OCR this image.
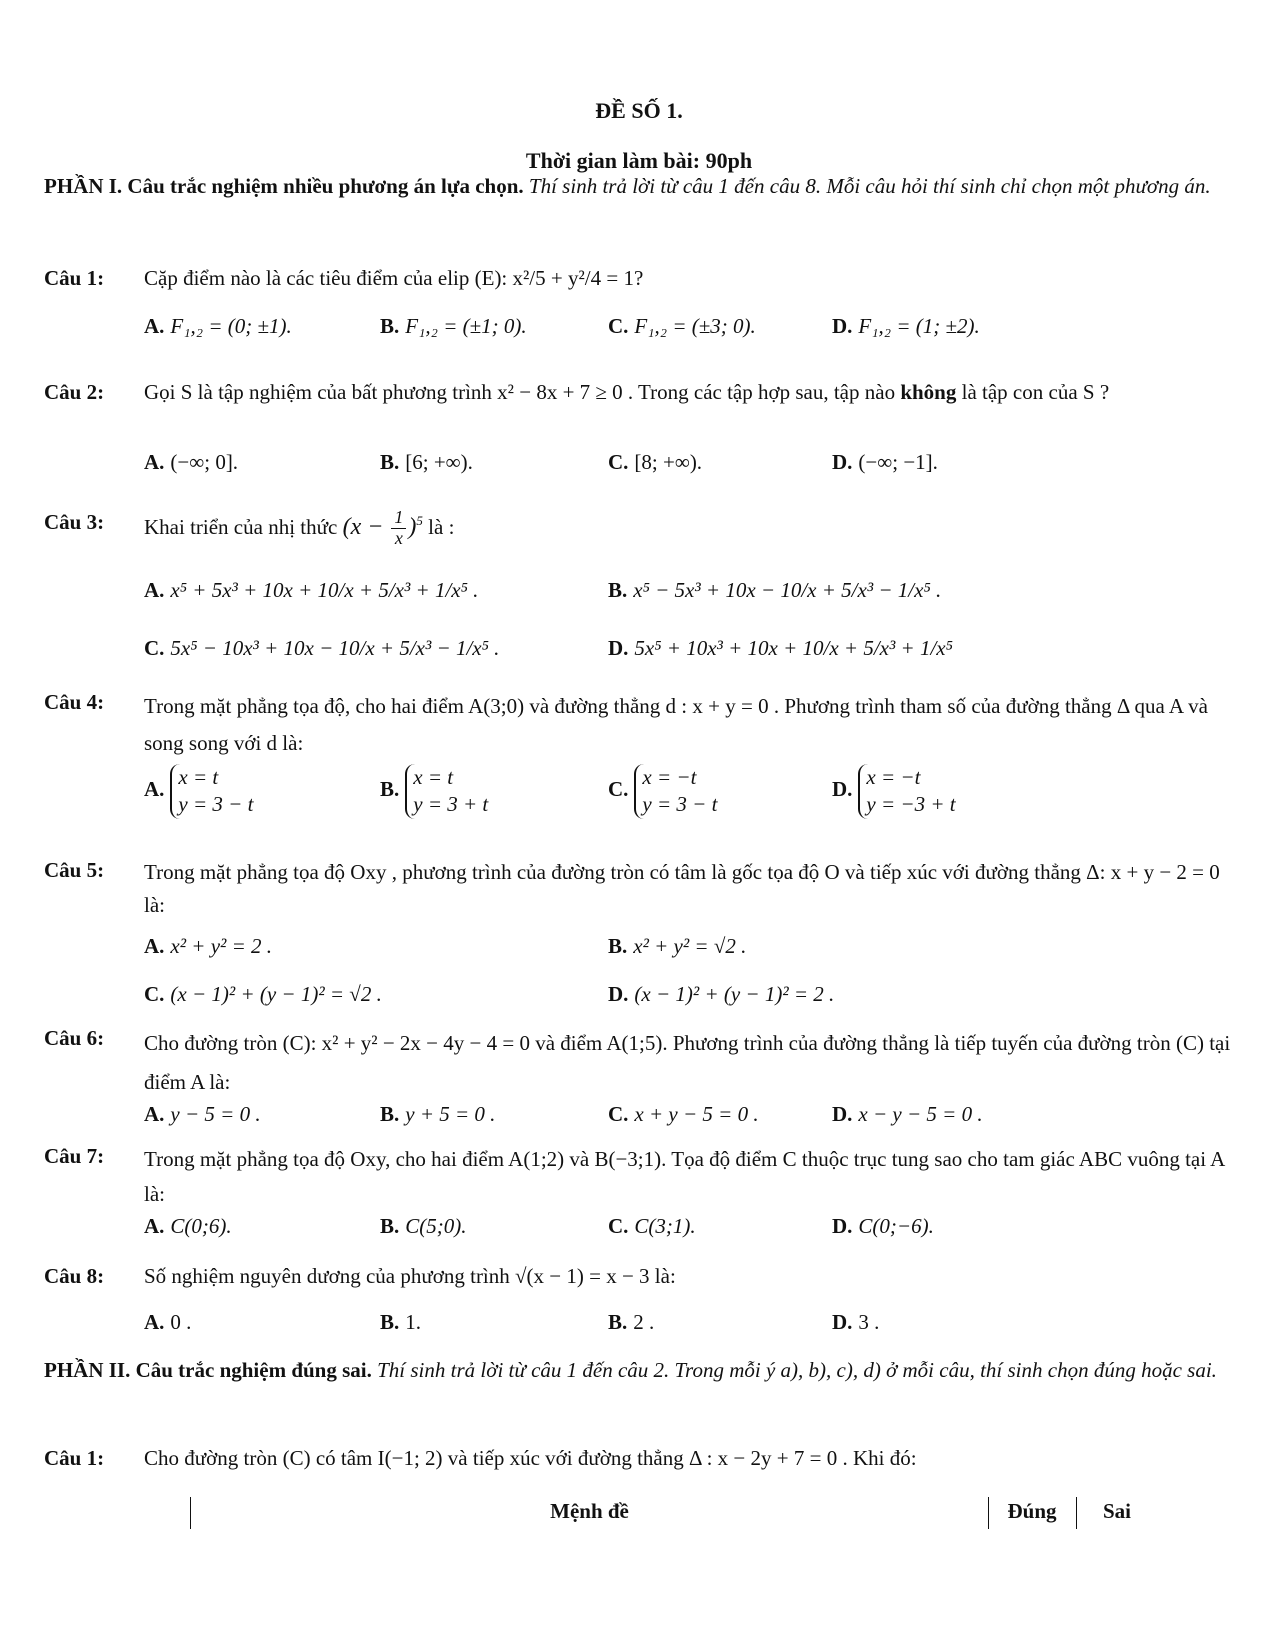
ĐỀ SỐ 1.
Thời gian làm bài: 90ph
PHẦN I. Câu trắc nghiệm nhiều phương án lựa chọn. Thí sinh trả lời từ câu 1 đến câu 8. Mỗi câu hỏi thí sinh chỉ chọn một phương án.
Câu 1: Cặp điểm nào là các tiêu điểm của elip (E): x²/5 + y²/4 = 1?
A. F₁,₂ = (0; ±1).	B. F₁,₂ = (±1; 0).	C. F₁,₂ = (±3; 0).	D. F₁,₂ = (1; ±2).
Câu 2: Gọi S là tập nghiệm của bất phương trình x² − 8x + 7 ≥ 0 . Trong các tập hợp sau, tập nào không là tập con của S ?
A. (−∞; 0].	B. [6; +∞).	C. [8; +∞).	D. (−∞; −1].
Câu 3: Khai triển của nhị thức $(x - \frac{1}{x} )^5$ là :
A. x⁵ + 5x³ + 10x + 10/x + 5/x³ + 1/x⁵ .	B. x⁵ − 5x³ + 10x − 10/x + 5/x³ − 1/x⁵ .
C. 5x⁵ − 10x³ + 10x − 10/x + 5/x³ − 1/x⁵ .	D. 5x⁵ + 10x³ + 10x + 10/x + 5/x³ + 1/x⁵
Câu 4: Trong mặt phẳng tọa độ, cho hai điểm A(3;0) và đường thẳng d : x + y = 0 . Phương trình tham số của đường thẳng Δ qua A và song song với d là:
A.
x = t
y = 3 − t
B.
x = t
y = 3 + t
C.
x = −t
y = 3 − t
D.
x = −t
y = −3 + t
Câu 5: Trong mặt phẳng tọa độ Oxy , phương trình của đường tròn có tâm là gốc tọa độ O và tiếp xúc với đường thẳng Δ: x + y − 2 = 0 là:
A. x² + y² = 2 .	B. x² + y² = √2 .
C. (x − 1)² + (y − 1)² = √2 .	D. (x − 1)² + (y − 1)² = 2 .
Câu 6: Cho đường tròn (C): x² + y² − 2x − 4y − 4 = 0 và điểm A(1;5). Phương trình của đường thẳng là tiếp tuyến của đường tròn (C) tại điểm A là:
A. y − 5 = 0 .	B. y + 5 = 0 .	C. x + y − 5 = 0 .	D. x − y − 5 = 0 .
Câu 7: Trong mặt phẳng tọa độ Oxy, cho hai điểm A(1;2) và B(−3;1). Tọa độ điểm C thuộc trục tung sao cho tam giác ABC vuông tại A là:
A. C(0;6).	B. C(5;0).	C. C(3;1).	D. C(0;−6).
Câu 8: Số nghiệm nguyên dương của phương trình √(x − 1) = x − 3 là:
A. 0 .	B. 1.	B. 2 .	D. 3 .
PHẦN II. Câu trắc nghiệm đúng sai. Thí sinh trả lời từ câu 1 đến câu 2. Trong mỗi ý a), b), c), d) ở mỗi câu, thí sinh chọn đúng hoặc sai.
Câu 1: Cho đường tròn (C) có tâm I(−1; 2) và tiếp xúc với đường thẳng Δ : x − 2y + 7 = 0 . Khi đó:
Mệnh đề	Đúng	Sai
